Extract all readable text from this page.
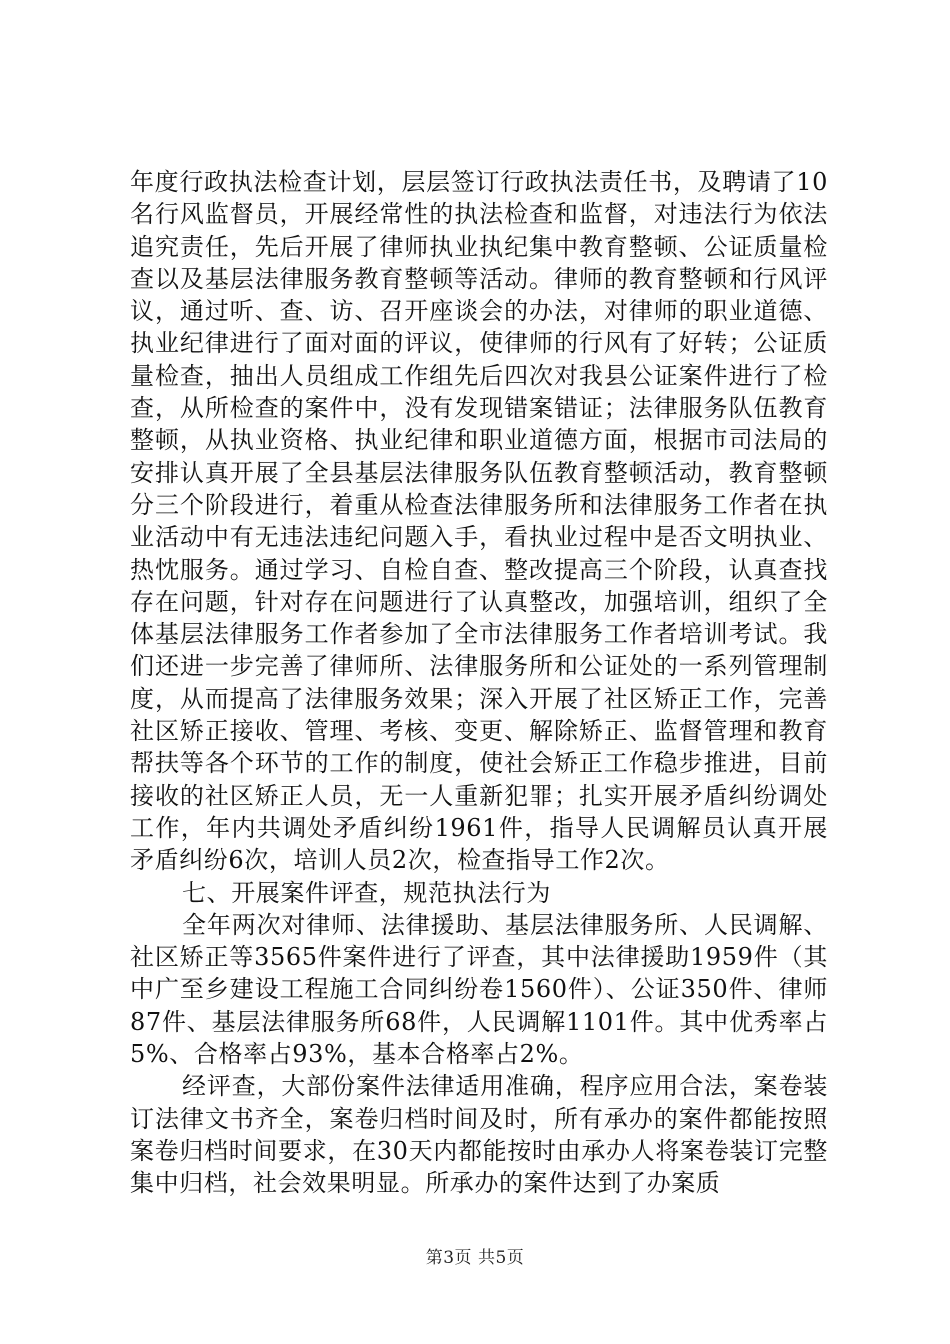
年度行政执法检查计划，层层签订行政执法责任书，及聘请了10名行风监督员，开展经常性的执法检查和监督，对违法行为依法追究责任，先后开展了律师执业执纪集中教育整顿、公证质量检查以及基层法律服务教育整顿等活动。律师的教育整顿和行风评议，通过听、查、访、召开座谈会的办法，对律师的职业道德、执业纪律进行了面对面的评议，使律师的行风有了好转；公证质量检查，抽出人员组成工作组先后四次对我县公证案件进行了检查，从所检查的案件中，没有发现错案错证；法律服务队伍教育整顿，从执业资格、执业纪律和职业道德方面，根据市司法局的安排认真开展了全县基层法律服务队伍教育整顿活动，教育整顿分三个阶段进行，着重从检查法律服务所和法律服务工作者在执业活动中有无违法违纪问题入手，看执业过程中是否文明执业、热忱服务。通过学习、自检自查、整改提高三个阶段，认真查找存在问题，针对存在问题进行了认真整改，加强培训，组织了全体基层法律服务工作者参加了全市法律服务工作者培训考试。我们还进一步完善了律师所、法律服务所和公证处的一系列管理制度，从而提高了法律服务效果；深入开展了社区矫正工作，完善社区矫正接收、管理、考核、变更、解除矫正、监督管理和教育帮扶等各个环节的工作的制度，使社会矫正工作稳步推进，目前接收的社区矫正人员，无一人重新犯罪；扎实开展矛盾纠纷调处工作，年内共调处矛盾纠纷1961件，指导人民调解员认真开展矛盾纠纷6次，培训人员2次，检查指导工作2次。

七、开展案件评查，规范执法行为

全年两次对律师、法律援助、基层法律服务所、人民调解、社区矫正等3565件案件进行了评查，其中法律援助1959件（其中广至乡建设工程施工合同纠纷卷1560件）、公证350件、律师87件、基层法律服务所68件，人民调解1101件。其中优秀率占5%、合格率占93%，基本合格率占2%。

经评查，大部份案件法律适用准确，程序应用合法，案卷装订法律文书齐全，案卷归档时间及时，所有承办的案件都能按照案卷归档时间要求，在30天内都能按时由承办人将案卷装订完整集中归档，社会效果明显。所承办的案件达到了办案质

第3页 共5页
